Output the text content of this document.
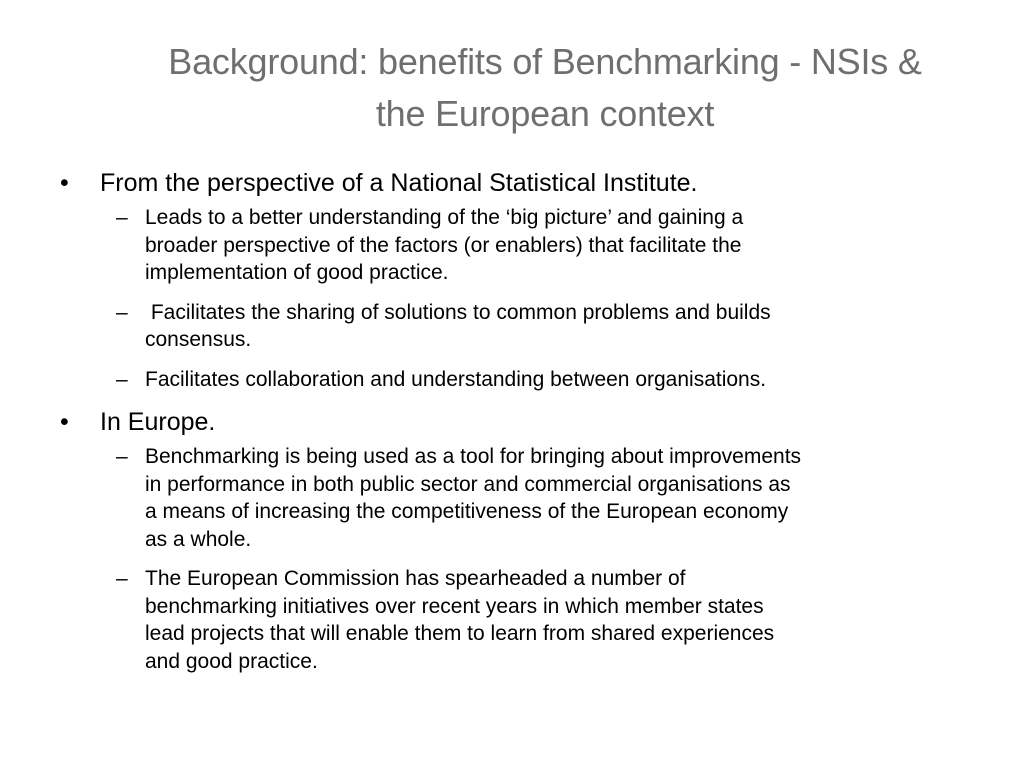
Background: benefits of Benchmarking - NSIs &
the European context
• From the perspective of a National Statistical Institute.
– Leads to a better understanding of the ‘big picture’ and gaining a
broader perspective of the factors (or enablers) that facilitate the
implementation of good practice.
– Facilitates the sharing of solutions to common problems and builds
consensus.
– Facilitates collaboration and understanding between organisations.
• In Europe.
– Benchmarking is being used as a tool for bringing about improvements
in performance in both public sector and commercial organisations as
a means of increasing the competitiveness of the European economy
as a whole.
– The European Commission has spearheaded a number of
benchmarking initiatives over recent years in which member states
lead projects that will enable them to learn from shared experiences
and good practice.
